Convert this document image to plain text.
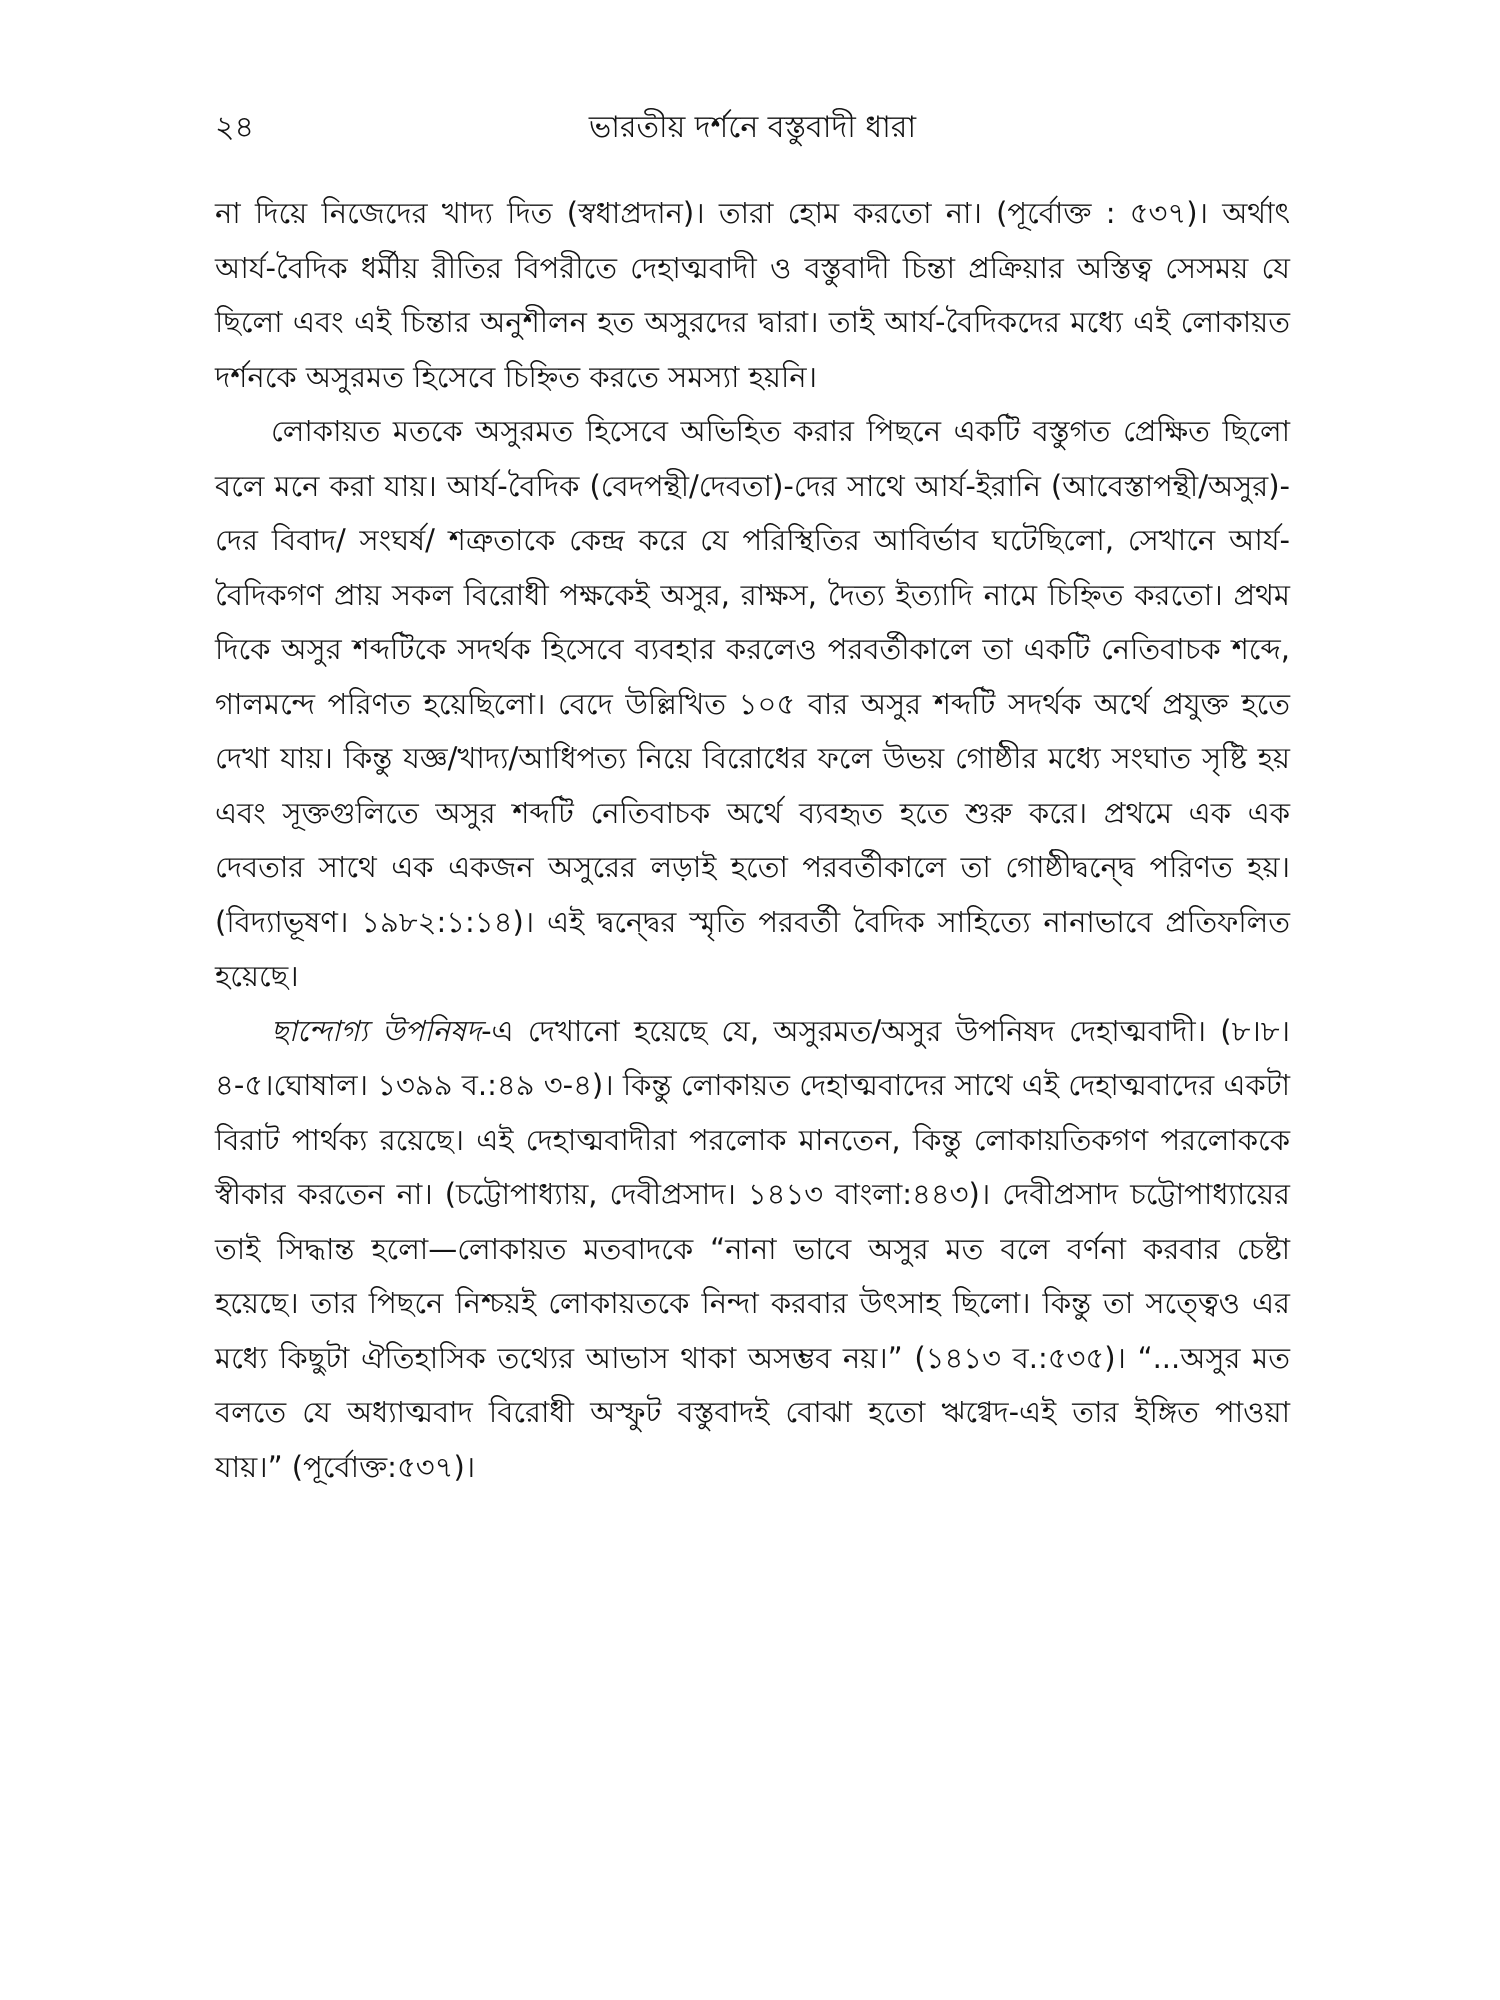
২৪	ভারতীয় দর্শনে বস্তুবাদী ধারা

না দিয়ে নিজেদের খাদ্য দিত (স্বধাপ্রদান)। তারা হোম করতো না। (পূর্বোক্ত : ৫৩৭)। অর্থাৎ আর্য-বৈদিক ধর্মীয় রীতির বিপরীতে দেহাত্মবাদী ও বস্তুবাদী চিন্তা প্রক্রিয়ার অস্তিত্ব সেসময় যে ছিলো এবং এই চিন্তার অনুশীলন হত অসুরদের দ্বারা। তাই আর্য-বৈদিকদের মধ্যে এই লোকায়ত দর্শনকে অসুরমত হিসেবে চিহ্নিত করতে সমস্যা হয়নি।

লোকায়ত মতকে অসুরমত হিসেবে অভিহিত করার পিছনে একটি বস্তুগত প্রেক্ষিত ছিলো বলে মনে করা যায়। আর্য-বৈদিক (বেদপন্থী/দেবতা)-দের সাথে আর্য-ইরানি (আবেস্তাপন্থী/অসুর)-দের বিবাদ/ সংঘর্ষ/ শত্রুতাকে কেন্দ্র করে যে পরিস্থিতির আবির্ভাব ঘটেছিলো, সেখানে আর্য-বৈদিকগণ প্রায় সকল বিরোধী পক্ষকেই অসুর, রাক্ষস, দৈত্য ইত্যাদি নামে চিহ্নিত করতো। প্রথম দিকে অসুর শব্দটিকে সদর্থক হিসেবে ব্যবহার করলেও পরবর্তীকালে তা একটি নেতিবাচক শব্দে, গালমন্দে পরিণত হয়েছিলো। বেদে উল্লিখিত ১০৫ বার অসুর শব্দটি সদর্থক অর্থে প্রযুক্ত হতে দেখা যায়। কিন্তু যজ্ঞ/খাদ্য/আধিপত্য নিয়ে বিরোধের ফলে উভয় গোষ্ঠীর মধ্যে সংঘাত সৃষ্টি হয় এবং সূক্তগুলিতে অসুর শব্দটি নেতিবাচক অর্থে ব্যবহৃত হতে শুরু করে। প্রথমে এক এক দেবতার সাথে এক একজন অসুরের লড়াই হতো পরবর্তীকালে তা গোষ্ঠীদ্বন্দ্বে পরিণত হয়। (বিদ্যাভূষণ। ১৯৮২:১:১৪)। এই দ্বন্দ্বের স্মৃতি পরবর্তী বৈদিক সাহিত্যে নানাভাবে প্রতিফলিত হয়েছে।

ছান্দোগ্য উপনিষদ-এ দেখানো হয়েছে যে, অসুরমত/অসুর উপনিষদ দেহাত্মবাদী। (৮।৮।৪-৫।ঘোষাল। ১৩৯৯ ব.:৪৯ ৩-৪)। কিন্তু লোকায়ত দেহাত্মবাদের সাথে এই দেহাত্মবাদের একটা বিরাট পার্থক্য রয়েছে। এই দেহাত্মবাদীরা পরলোক মানতেন, কিন্তু লোকায়তিকগণ পরলোককে স্বীকার করতেন না। (চট্টোপাধ্যায়, দেবীপ্রসাদ। ১৪১৩ বাংলা:৪৪৩)। দেবীপ্রসাদ চট্টোপাধ্যায়ের তাই সিদ্ধান্ত হলো—লোকায়ত মতবাদকে “নানা ভাবে অসুর মত বলে বর্ণনা করবার চেষ্টা হয়েছে। তার পিছনে নিশ্চয়ই লোকায়তকে নিন্দা করবার উৎসাহ ছিলো। কিন্তু তা সত্ত্বেও এর মধ্যে কিছুটা ঐতিহাসিক তথ্যের আভাস থাকা অসম্ভব নয়।” (১৪১৩ ব.:৫৩৫)। “...অসুর মত বলতে যে অধ্যাত্মবাদ বিরোধী অস্ফুট বস্তুবাদই বোঝা হতো ঋগ্বেদ-এই তার ইঙ্গিত পাওয়া যায়।” (পূর্বোক্ত:৫৩৭)।
